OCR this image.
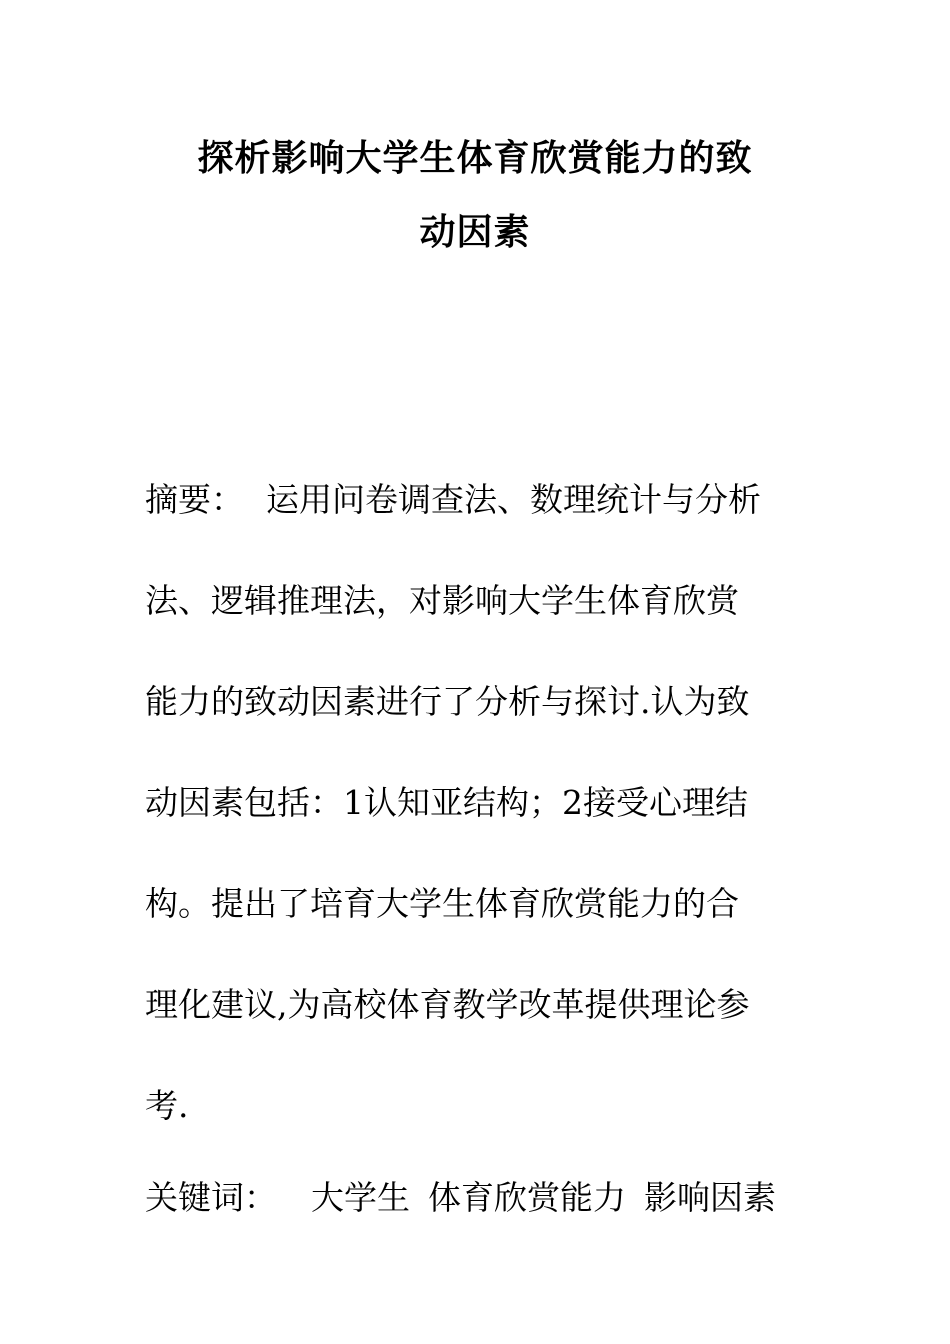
探析影响大学生体育欣赏能力的致
动因素
摘要： 运用问卷调查法、数理统计与分析
法、逻辑推理法，对影响大学生体育欣赏
能力的致动因素进行了分析与探讨.认为致
动因素包括：1认知亚结构；2接受心理结
构。提出了培育大学生体育欣赏能力的合
理化建议,为高校体育教学改革提供理论参
考.
关键词： 大学生 体育欣赏能力 影响因素
